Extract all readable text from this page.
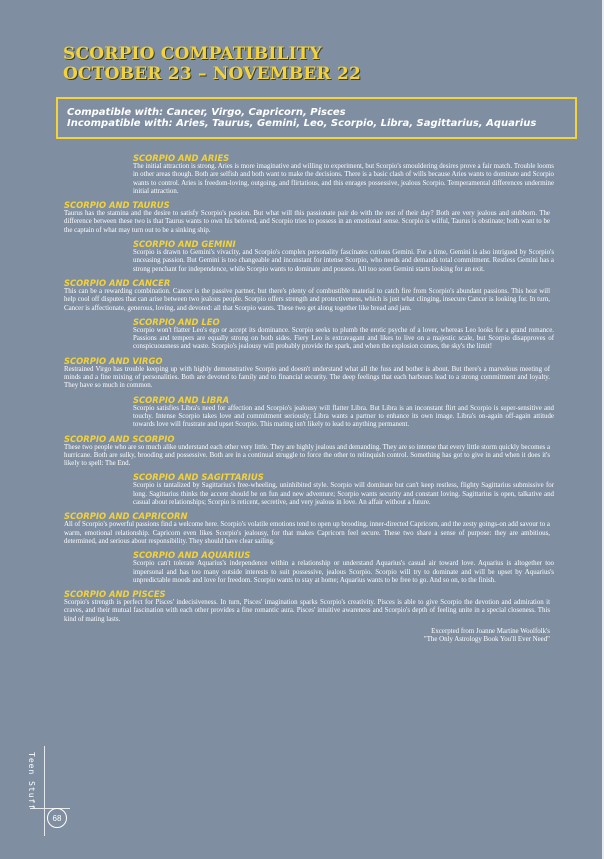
SCORPIO COMPATIBILITY
OCTOBER 23 – NOVEMBER 22
Compatible with: Cancer, Virgo, Capricorn, Pisces
Incompatible with: Aries, Taurus, Gemini, Leo, Scorpio, Libra, Sagittarius, Aquarius
SCORPIO AND ARIES

The initial attraction is strong. Aries is more imaginative and willing to experiment, but Scorpio's smouldering desires prove a fair match. Trouble looms in other areas though. Both are selfish and both want to make the decisions. There is a basic clash of wills because Aries wants to dominate and Scorpio wants to control. Aries is freedom-loving, outgoing, and flirtatious, and this enrages possessive, jealous Scorpio. Temperamental differences undermine initial attraction.

SCORPIO AND TAURUS

Taurus has the stamina and the desire to satisfy Scorpio's passion. But what will this passionate pair do with the rest of their day? Both are very jealous and stubborn. The difference between these two is that Taurus wants to own his beloved, and Scorpio tries to possess in an emotional sense. Scorpio is wilful, Taurus is obstinate; both want to be the captain of what may turn out to be a sinking ship.

SCORPIO AND GEMINI

Scorpio is drawn to Gemini's vivacity, and Scorpio's complex personality fascinates curious Gemini. For a time, Gemini is also intrigued by Scorpio's unceasing passion. But Gemini is too changeable and inconstant for intense Scorpio, who needs and demands total commitment. Restless Gemini has a strong penchant for independence, while Scorpio wants to dominate and possess. All too soon Gemini starts looking for an exit.

SCORPIO AND CANCER

This can be a rewarding combination. Cancer is the passive partner, but there's plenty of combustible material to catch fire from Scorpio's abundant passions. This heat will help cool off disputes that can arise between two jealous people. Scorpio offers strength and protectiveness, which is just what clinging, insecure Cancer is looking for. In turn, Cancer is affectionate, generous, loving, and devoted: all that Scorpio wants. These two get along together like bread and jam.

SCORPIO AND LEO

Scorpio won't flatter Leo's ego or accept its dominance. Scorpio seeks to plumb the erotic psyche of a lover, whereas Leo looks for a grand romance. Passions and tempers are equally strong on both sides. Fiery Leo is extravagant and likes to live on a majestic scale, but Scorpio disapproves of conspicuousness and waste. Scorpio's jealousy will probably provide the spark, and when the explosion comes, the sky's the limit!

SCORPIO AND VIRGO

Restrained Virgo has trouble keeping up with highly demonstrative Scorpio and doesn't understand what all the fuss and bother is about. But there's a marvelous meeting of minds and a fine mixing of personalities. Both are devoted to family and to financial security. The deep feelings that each harbours lead to a strong commitment and loyalty. They have so much in common.

SCORPIO AND LIBRA

Scorpio satisfies Libra's need for affection and Scorpio's jealousy will flatter Libra. But Libra is an inconstant flirt and Scorpio is super-sensitive and touchy. Intense Scorpio takes love and commitment seriously; Libra wants a partner to enhance its own image. Libra's on-again off-again attitude towards love will frustrate and upset Scorpio. This mating isn't likely to lead to anything permanent.

SCORPIO AND SCORPIO

These two people who are so much alike understand each other very little. They are highly jealous and demanding. They are so intense that every little storm quickly becomes a hurricane. Both are sulky, brooding and possessive. Both are in a continual struggle to force the other to relinquish control. Something has got to give in and when it does it's likely to spell: The End.

SCORPIO AND SAGITTARIUS

Scorpio is tantalized by Sagittarius's free-wheeling, uninhibited style. Scorpio will dominate but can't keep restless, flighty Sagittarius submissive for long. Sagittarius thinks the accent should be on fun and new adventure; Scorpio wants security and constant loving. Sagittarius is open, talkative and casual about relationships; Scorpio is reticent, secretive, and very jealous in love. An affair without a future.

SCORPIO AND CAPRICORN

All of Scorpio's powerful passions find a welcome here. Scorpio's volatile emotions tend to open up brooding, inner-directed Capricorn, and the zesty goings-on add savour to a warm, emotional relationship. Capricorn even likes Scorpio's jealousy, for that makes Capricorn feel secure. These two share a sense of purpose: they are ambitious, determined, and serious about responsibility. They should have clear sailing.

SCORPIO AND AQUARIUS

Scorpio can't tolerate Aquarius's independence within a relationship or understand Aquarius's casual air toward love. Aquarius is altogether too impersonal and has too many outside interests to suit possessive, jealous Scorpio. Scorpio will try to dominate and will be upset by Aquarius's unpredictable moods and love for freedom. Scorpio wants to stay at home; Aquarius wants to be free to go. And so on, to the finish.

SCORPIO AND PISCES

Scorpio's strength is perfect for Pisces' indecisiveness. In turn, Pisces' imagination sparks Scorpio's creativity. Pisces is able to give Scorpio the devotion and admiration it craves, and their mutual fascination with each other provides a fine romantic aura. Pisces' intuitive awareness and Scorpio's depth of feeling unite in a special closeness. This kind of mating lasts.

Excerpted from Joanne Martine Woolfolk's
"The Only Astrology Book You'll Ever Need"
Teen Stuff
68
